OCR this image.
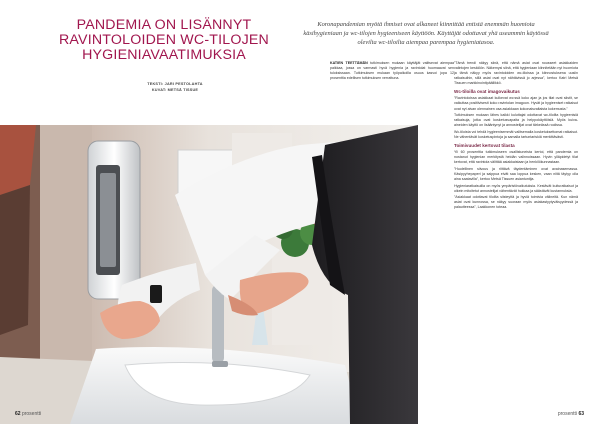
PANDEMIA ON LISÄNNYT RAVINTOLOIDEN WC-TILOJEN HYGIENIAVAATIMUKSIA
TEKSTI: JARI PESTOLAHTA
KUVAT: METSÄ TISSUE

Koronapandemian myötä ihmiset ovat alkaneet kiinnittää entistä enemmän huomiota käsihygieniaan ja wc-tilojen hygieeniseen käyttöön. Käyttäjät odottavat yhä useammin käytössä olevilta wc-tiloilta aiempaa parempaa hygieniatasoa.

KATIEN TEETTÄMÄN tutkimuksen mukaan käyttäjät valitsevat aiempaa paikkaa, jossa on varmasti hyvä hygienia ja ravintolat huomaavat sen tuloksissaan. Tutkimuksen mukaan työpaikoilla osuus kasvoi jopa 12 prosenttia edellisen tutkimuksen verrattuna.

"Tämä trendi näkyy siinä, että nämä asiat ovat nousseet asiakkaiden valintojen keskiöön. Näkemysi siinä, että hygieniaan kiinnitetään nyt huomiota ja tämä näkyy myös ravintoloiden wc-tiloissa ja kiinnostuksena uusiin ratkaisuihin, sillä asiat ovat nyt nähtävissä jo arjessa", kertoo Katri Metsä Tissuen markkinointipäällikkö.

Wc-tiloilla ovat imagovaikutus

"Ravintoloissa asiakkaat kulkevat wc:ssä koko ajan ja jos tilat ovat siistit, se vaikuttaa positiivisesti koko ravintolan imagoon. Hyvät ja hygieeniset ratkaisut ovat nyt aivan olennainen osa asiakkaan kokonaisvaltaista kokemusta."

Tutkimuksen mukaan lähes kaikki kuluttajat odottavat wc-tiloilta hygieenisiä ratkaisuja, jotka ovat kosketusvapaita ja helppokäyttöisiä. Myös kuiva-aineiden käyttö on lisääntynyt ja annostelijat ovat tärkeässä roolissa.

Wc-tiloista voi tehdä hygieenisemmät valitsemalla kosketuksettomat ratkaisut. Ne vähentävät kosketuspintoja ja samalla tartuntariskiä merkittävästi.

Toimivuudet kertovat tilasta

Yli 60 prosenttia tutkimukseen osallistuneista kertoi, että pandemia on nostanut hygienian merkitystä heidän valinnoissaan. Hyvin ylläpidetyt tilat kertovat, että ravintola välittää asiakkaistaan ja henkilökunnastaan.

"Huolellinen siivous ja riittävä täydentäminen ovat avainasemassa. Käsipyyhepaperi ja saippua eivät saa loppua kesken, vaan niitä täytyy olla aina saatavilla", kertoo Metsä Tissuen asiantuntija.

Hygieniaratkaisuilla on myös ympäristövaikutuksia. Kestävät kuituratkaisut ja oikein mitoitetut annostelijat vähentävät hukkaa ja säästävät kustannuksia.

"Asiakkaat odottavat tiloilta siisteyttä ja hyviä toimivia välineitä. Kun nämä asiat ovat kunnossa, se näkyy suoraan myös asiakastyytyväisyydessä ja palautteessa", Laakkonen toteaa.

62 prosentti	prosentti 63
